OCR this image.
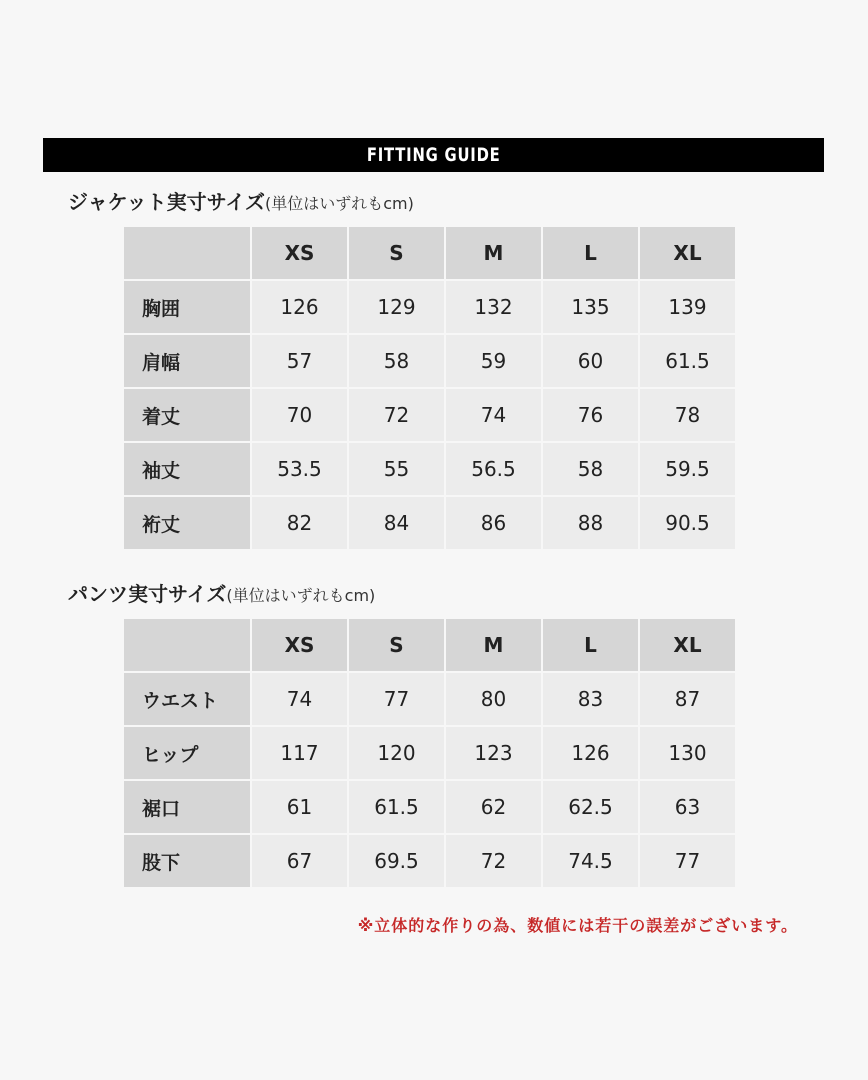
FITTING GUIDE
ジャケット実寸サイズ(単位はいずれもcm)
	XS	S	M	L	XL
胸囲	126	129	132	135	139
肩幅	57	58	59	60	61.5
着丈	70	72	74	76	78
袖丈	53.5	55	56.5	58	59.5
裄丈	82	84	86	88	90.5
パンツ実寸サイズ(単位はいずれもcm)
	XS	S	M	L	XL
ウエスト	74	77	80	83	87
ヒップ	117	120	123	126	130
裾口	61	61.5	62	62.5	63
股下	67	69.5	72	74.5	77
※立体的な作りの為、数値には若干の誤差がございます。
